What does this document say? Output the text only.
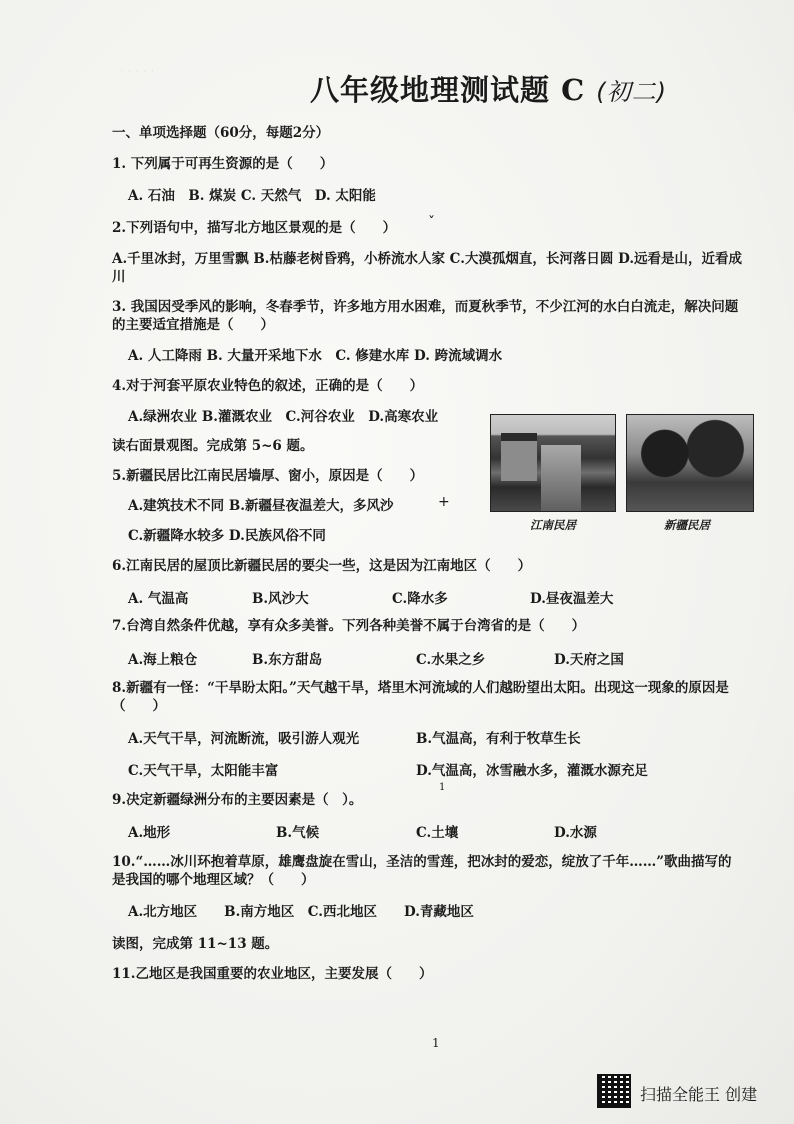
· · · · ·
八年级地理测试题 C (初二)
一、单项选择题（60分，每题2分）
1. 下列属于可再生资源的是（　　）
A. 石油　B. 煤炭 C. 天然气　D. 太阳能
2.下列语句中，描写北方地区景观的是（　　） ˇ
A.千里冰封，万里雪飘 B.枯藤老树昏鸦，小桥流水人家 C.大漠孤烟直，长河落日圆 D.远看是山，近看成
川
3. 我国因受季风的影响，冬春季节，许多地方用水困难，而夏秋季节，不少江河的水白白流走，解决问题
的主要适宜措施是（　　）
A. 人工降雨 B. 大量开采地下水　C. 修建水库 D. 跨流域调水
4.对于河套平原农业特色的叙述，正确的是（　　）
A.绿洲农业 B.灌溉农业　C.河谷农业　D.高寒农业
读右面景观图。完成第 5~6 题。
5.新疆民居比江南民居墙厚、窗小，原因是（　　）
A.建筑技术不同 B.新疆昼夜温差大，多风沙	+
C.新疆降水较多 D.民族风俗不同
江南民居	新疆民居
6.江南民居的屋顶比新疆民居的要尖一些，这是因为江南地区（　　）
A. 气温高	B.风沙大	C.降水多	D.昼夜温差大
7.台湾自然条件优越，享有众多美誉。下列各种美誉不属于台湾省的是（　　）
A.海上粮仓	B.东方甜岛	C.水果之乡	D.天府之国
8.新疆有一怪：“干旱盼太阳。”天气越干旱，塔里木河流域的人们越盼望出太阳。出现这一现象的原因是
（　　）
A.天气干旱，河流断流，吸引游人观光	B.气温高，有利于牧草生长
C.天气干旱，太阳能丰富	D.气温高，冰雪融水多，灌溉水源充足
1
9.决定新疆绿洲分布的主要因素是（　）。
A.地形	B.气候	C.土壤	D.水源
10.“……冰川环抱着草原，雄鹰盘旋在雪山，圣洁的雪莲，把冰封的爱恋，绽放了千年……”歌曲描写的
是我国的哪个地理区域？（　　）
A.北方地区　　B.南方地区　C.西北地区　　D.青藏地区
读图，完成第 11~13 题。
11.乙地区是我国重要的农业地区，主要发展（　　）
1
扫描全能王 创建
